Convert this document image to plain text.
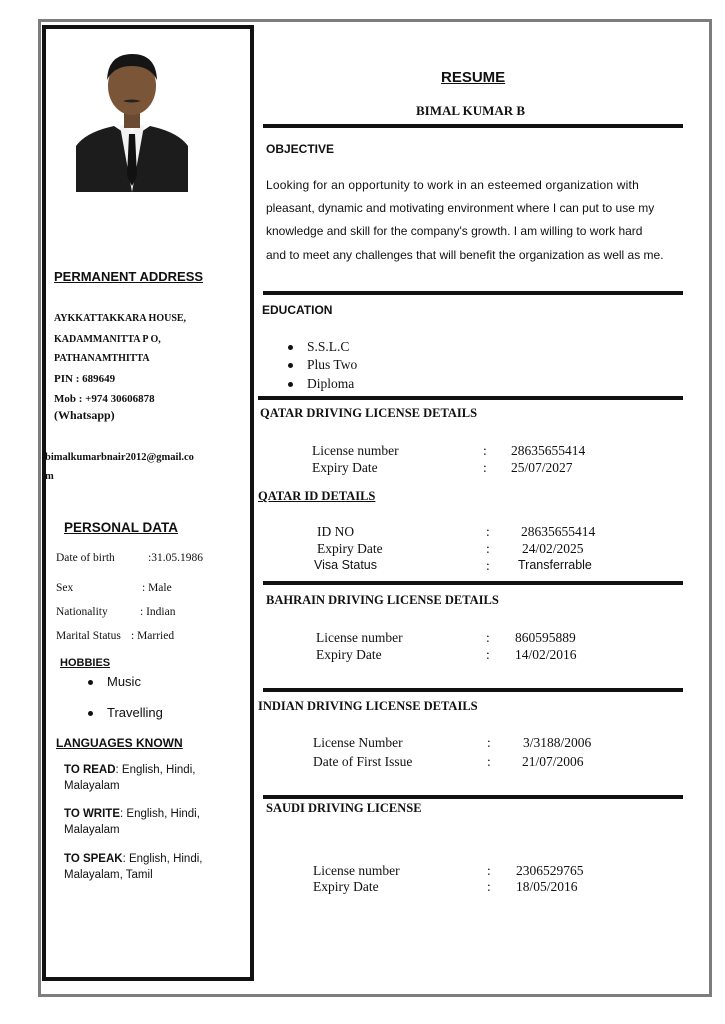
PERMANENT ADDRESS
AYKKATTAKKARA HOUSE,
KADAMMANITTA P O,
PATHANAMTHITTA
PIN : 689649
Mob : +974 30606878
(Whatsapp)
bimalkumarbnair2012@gmail.co
m
PERSONAL DATA
Date of birth	:31.05.1986
Sex	: Male
Nationality	: Indian
Marital Status : Married
HOBBIES
Music
Travelling
LANGUAGES KNOWN
TO READ: English, Hindi,
Malayalam
TO WRITE: English, Hindi,
Malayalam
TO SPEAK: English, Hindi,
Malayalam, Tamil
RESUME
BIMAL KUMAR B
OBJECTIVE
Looking for an opportunity to work in an esteemed organization with
pleasant, dynamic and motivating environment where I can put to use my
knowledge and skill for the company's growth. I am willing to work hard
and to meet any challenges that will benefit the organization as well as me.
EDUCATION
S.S.L.C
Plus Two
Diploma
QATAR DRIVING LICENSE DETAILS
License number	: 28635655414
Expiry Date	: 25/07/2027
QATAR ID DETAILS
ID NO	: 28635655414
Expiry Date	: 24/02/2025
Visa Status	: Transferrable
BAHRAIN DRIVING LICENSE DETAILS
License number	: 860595889
Expiry Date	: 14/02/2016
INDIAN DRIVING LICENSE DETAILS
License Number	: 3/3188/2006
Date of First Issue	: 21/07/2006
SAUDI DRIVING LICENSE
License number	: 2306529765
Expiry Date	: 18/05/2016
